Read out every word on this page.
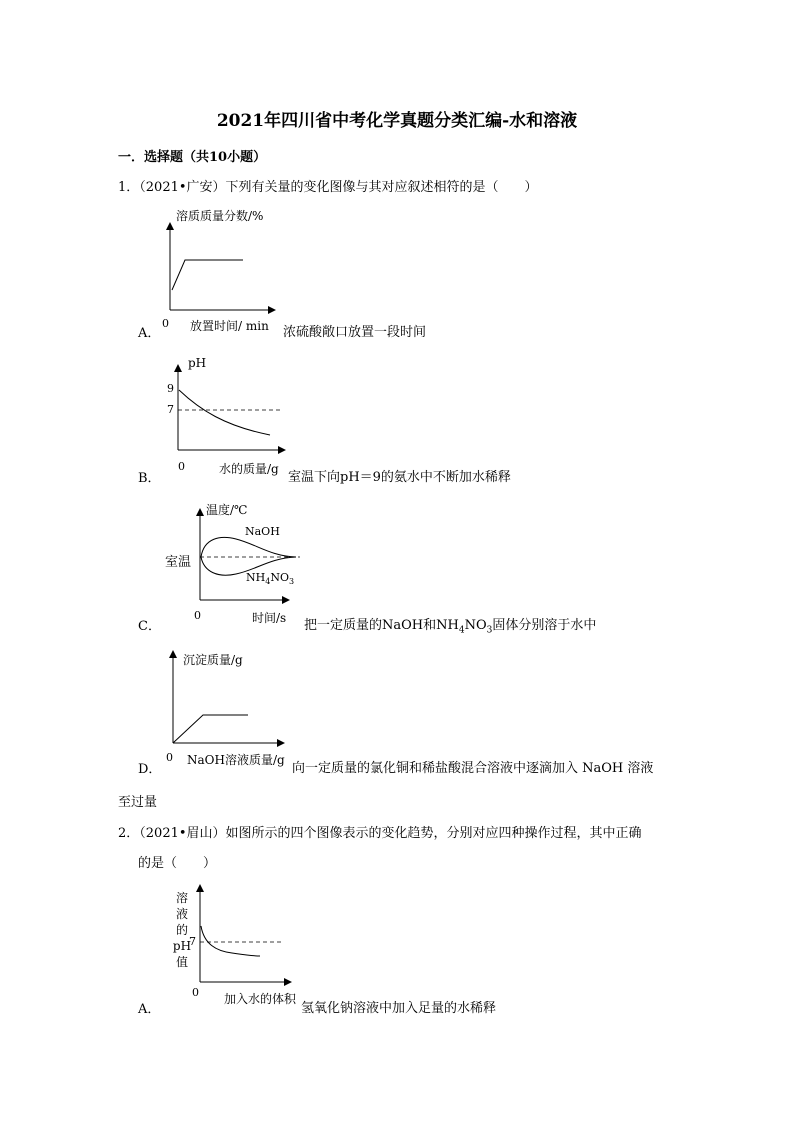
2021年四川省中考化学真题分类汇编-水和溶液
一．选择题（共10小题）
1．（2021•广安）下列有关量的变化图像与其对应叙述相符的是（　　）
溶质质量分数/%
A．
0 放置时间/ min 浓硫酸敞口放置一段时间
pH
9
7
B．
0	水的质量/g
室温下向pH＝9的氨水中不断加水稀释
温度/℃
NaOH
$NH_4NO_3$
室温
C．
0	时间/s 把一定质量的NaOH和$NH_4NO_3$固体分别溶于水中
沉淀质量/g
D．
0 NaOH溶液质量/g
向一定质量的氯化铜和稀盐酸混合溶液中逐滴加入 NaOH 溶液
至过量
2．（2021•眉山）如图所示的四个图像表示的变化趋势，分别对应四种操作过程，其中正确
的是（　　）
溶
液
的
pH
值
7
A．
0 加入水的体积
氢氧化钠溶液中加入足量的水稀释
